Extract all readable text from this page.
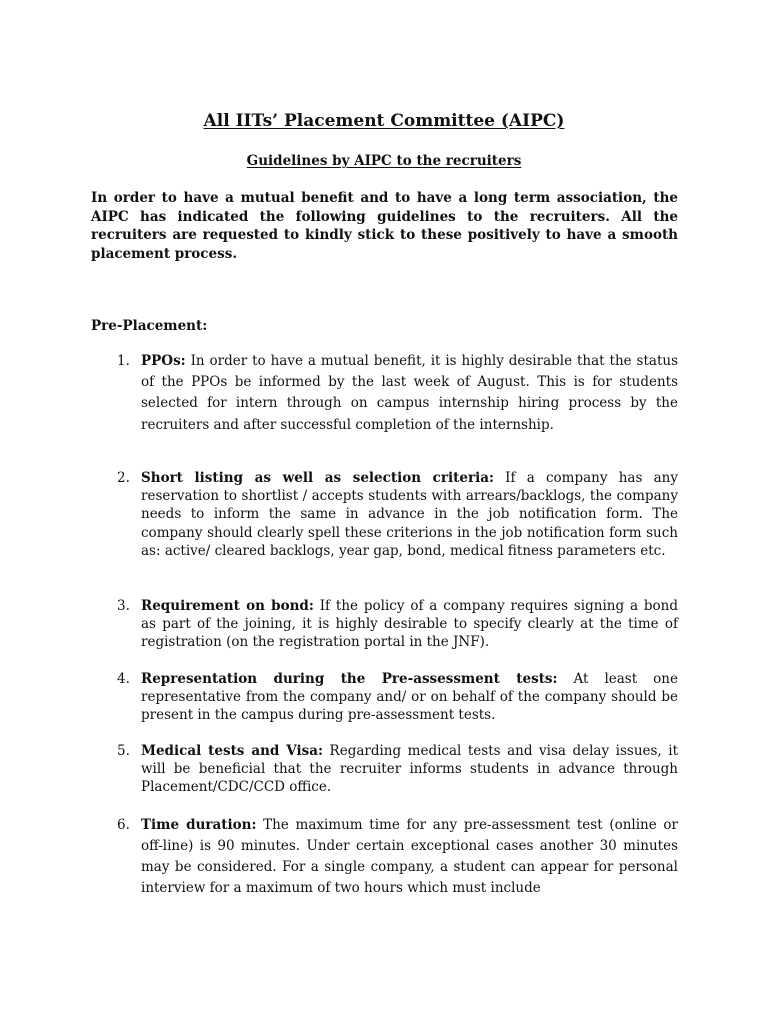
All IITs’ Placement Committee (AIPC)
Guidelines by AIPC to the recruiters
In order to have a mutual benefit and to have a long term association, the AIPC has indicated the following guidelines to the recruiters. All the recruiters are requested to kindly stick to these positively to have a smooth placement process.
Pre-Placement:
1. PPOs: In order to have a mutual benefit, it is highly desirable that the status of the PPOs be informed by the last week of August. This is for students selected for intern through on campus internship hiring process by the recruiters and after successful completion of the internship.
2. Short listing as well as selection criteria: If a company has any reservation to shortlist / accepts students with arrears/backlogs, the company needs to inform the same in advance in the job notification form. The company should clearly spell these criterions in the job notification form such as: active/ cleared backlogs, year gap, bond, medical fitness parameters etc.
3. Requirement on bond: If the policy of a company requires signing a bond as part of the joining, it is highly desirable to specify clearly at the time of registration (on the registration portal in the JNF).
4. Representation during the Pre-assessment tests: At least one representative from the company and/ or on behalf of the company should be present in the campus during pre-assessment tests.
5. Medical tests and Visa: Regarding medical tests and visa delay issues, it will be beneficial that the recruiter informs students in advance through Placement/CDC/CCD office.
6. Time duration: The maximum time for any pre-assessment test (online or off-line) is 90 minutes. Under certain exceptional cases another 30 minutes may be considered. For a single company, a student can appear for personal interview for a maximum of two hours which must include
